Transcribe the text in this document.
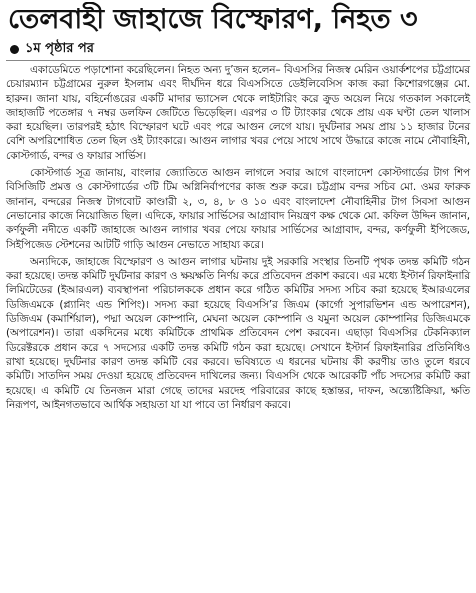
তেলবাহী জাহাজে বিস্ফোরণ, নিহত ৩
১ম পৃষ্ঠার পর

একাডেমিতে পড়াশোনা করেছিলেন। নিহত অন্য দু’জন হলেন– বিএসসির নিজস্ব মেরিন ওয়ার্কশপের চট্টগ্রামের চেয়ারম্যান চট্টগ্রামের নুরুল ইসলাম এবং দীর্ঘদিন ধরে বিএসসিতে ডেইলিবেসিস কাজ করা কিশোরগঞ্জের মো. হারুন। জানা যায়, বহির্নোঙরের একটি মাদার ভ্যাসেল থেকে লাইটারিং করে ক্রুড অয়েল নিয়ে গতকাল সকালেই জাহাজটি পতেঙ্গার ৭ নম্বর ডলফিন জেটিতে ভিড়েছিল। এরপর ৩ টি ট্যাংকার থেকে প্রায় এক ঘণ্টা তেল খালাস করা হয়েছিল। তারপরই হঠাৎ বিস্ফোরণ ঘটে এবং পরে আগুন লেগে যায়। দুর্ঘটনার সময় প্রায় ১১ হাজার টনের বেশি অপরিশোধিত তেল ছিল ওই ট্যাংকারে। আগুন লাগার খবর পেয়ে সাথে সাথে উদ্ধারে কাজে নামে নৌবাহিনী, কোস্টগার্ড, বন্দর ও ফায়ার সার্ভিস।

কোস্টগার্ড সূত্র জানায়, বাংলার জ্যোতিতে আগুন লাগলে সবার আগে বাংলাদেশ কোস্টগার্ডের টাগ শিপ বিসিজিটি প্রমত্ত ও কোস্টগার্ডের ৩টি টিম অগ্নিনির্বাপণের কাজ শুরু করে। চট্টগ্রাম বন্দর সচিব মো. ওমর ফারুক জানান, বন্দরের নিজস্ব টাগবোট কাণ্ডারী ২, ৩, ৪, ৮ ও ১০ এবং বাংলাদেশ নৌবাহিনীর টাগ সিবসা আগুন নেভানোর কাজে নিয়োজিত ছিল। এদিকে, ফায়ার সার্ভিসের আগ্রাবাদ নিয়ন্ত্রণ কক্ষ থেকে মো. কফিল উদ্দিন জানান, কর্ণফুলী নদীতে একটি জাহাজে আগুন লাগার খবর পেয়ে ফায়ার সার্ভিসের আগ্রাবাদ, বন্দর, কর্ণফুলী ইপিজেড, সিইপিজেড স্টেশনের আটটি গাড়ি আগুন নেভাতে সাহায্য করে।

অন্যদিকে, জাহাজে বিস্ফোরণ ও আগুন লাগার ঘটনায় দুই সরকারি সংস্থার তিনটি পৃথক তদন্ত কমিটি গঠন করা হয়েছে। তদন্ত কমিটি দুর্ঘটনার কারণ ও ক্ষয়ক্ষতি নির্ণয় করে প্রতিবেদন প্রকাশ করবে। এর মধ্যে ইস্টার্ন রিফাইনারি লিমিটেডের (ইআরএল) ব্যবস্থাপনা পরিচালককে প্রধান করে গঠিত কমিটির সদস্য সচিব করা হয়েছে ইআরএলের ডিজিএমকে (প্ল্যানিং এন্ড শিপিং)। সদস্য করা হয়েছে বিএসসি’র জিএম (কার্গো সুপারভিশন এন্ড অপারেশন), ডিজিএম (কমার্শিয়াল), পদ্মা অয়েল কোম্পানি, মেঘনা অয়েল কোম্পানি ও যমুনা অয়েল কোম্পানির ডিজিএমকে (অপারেশন)। তারা একদিনের মধ্যে কমিটিকে প্রাথমিক প্রতিবেদন পেশ করবেন। এছাড়া বিএসসির টেকনিক্যাল ডিরেক্টরকে প্রধান করে ৭ সদস্যের একটি তদন্ত কমিটি গঠন করা হয়েছে। সেখানে ইস্টার্ন রিফাইনারির প্রতিনিধিও রাখা হয়েছে। দুর্ঘটনার কারণ তদন্ত কমিটি বের করবে। ভবিষ্যতে এ ধরনের ঘটনায় কী করণীয় তাও তুলে ধরবে কমিটি। সাতদিন সময় দেওয়া হয়েছে প্রতিবেদন দাখিলের জন্য। বিএসসি থেকে আরেকটি পাঁচ সদস্যের কমিটি করা হয়েছে। এ কমিটি যে তিনজন মারা গেছে তাদের মরদেহ পরিবারের কাছে হস্তান্তর, দাফন, অন্ত্যেষ্টিক্রিয়া, ক্ষতি নিরূপণ, আইনগতভাবে আর্থিক সহায়তা যা যা পাবে তা নির্ধারণ করবে।
